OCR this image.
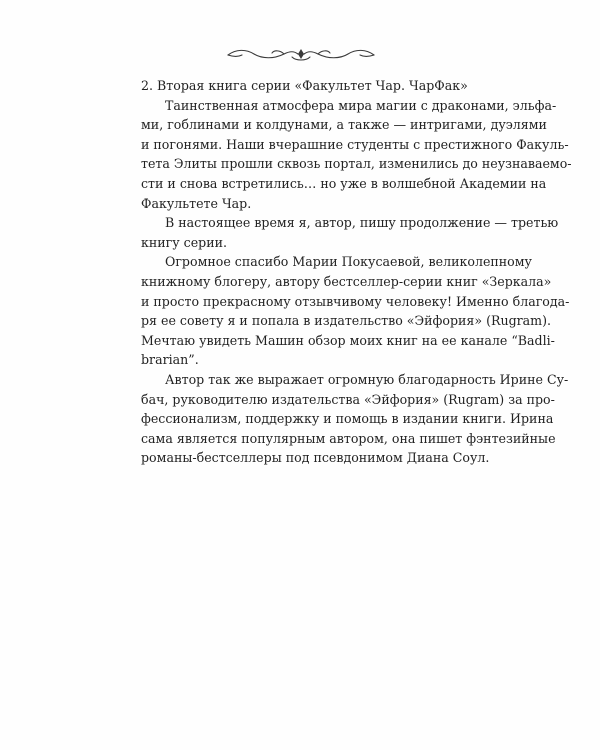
2. Вторая книга серии «Факультет Чар. ЧарФак»

Таинственная атмосфера мира магии с драконами, эльфа-
ми, гоблинами и колдунами, а также — интригами, дуэлями
и погонями. Наши вчерашние студенты с престижного Факуль-
тета Элиты прошли сквозь портал, изменились до неузнаваемо-
сти и снова встретились… но уже в волшебной Академии на
Факультете Чар.

В настоящее время я, автор, пишу продолжение — третью
книгу серии.

Огромное спасибо Марии Покусаевой, великолепному
книжному блогеру, автору бестселлер-серии книг «Зеркала»
и просто прекрасному отзывчивому человеку! Именно благода-
ря ее совету я и попала в издательство «Эйфория» (Rugram).
Мечтаю увидеть Машин обзор моих книг на ее канале “Badli-
brarian”.

Автор так же выражает огромную благодарность Ирине Су-
бач, руководителю издательства «Эйфория» (Rugram) за про-
фессионализм, поддержку и помощь в издании книги. Ирина
сама является популярным автором, она пишет фэнтезийные
романы-бестселлеры под псевдонимом Диана Соул.
